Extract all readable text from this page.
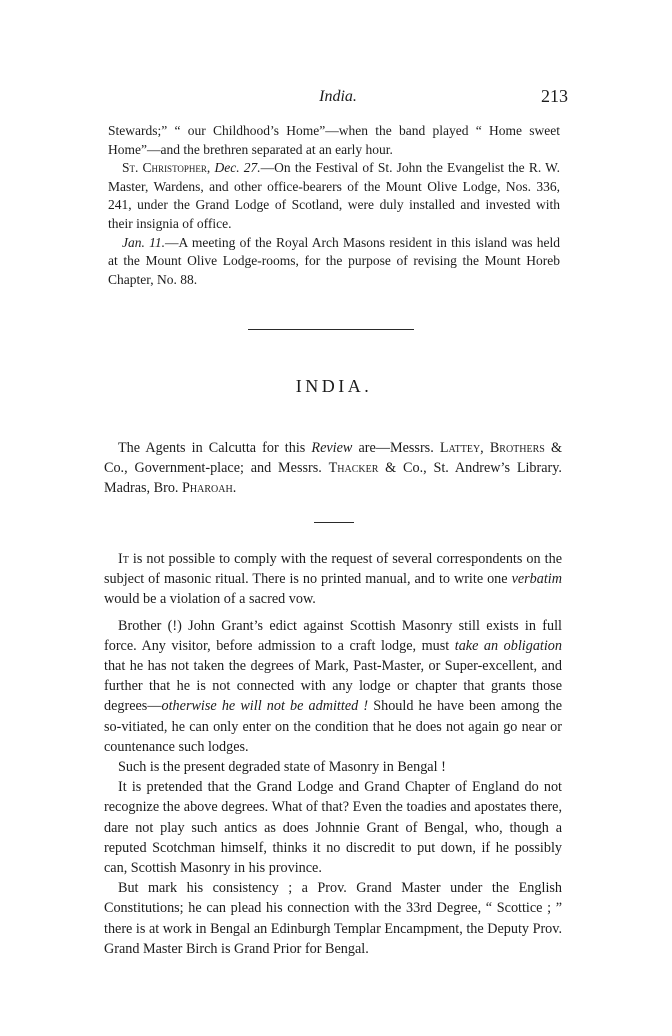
India.	213

Stewards;” “ our Childhood’s Home”—when the band played “ Home sweet Home”—and the brethren separated at an early hour.

St. Christopher, Dec. 27.—On the Festival of St. John the Evangelist the R. W. Master, Wardens, and other office-bearers of the Mount Olive Lodge, Nos. 336, 241, under the Grand Lodge of Scotland, were duly installed and invested with their insignia of office.

Jan. 11.—A meeting of the Royal Arch Masons resident in this island was held at the Mount Olive Lodge-rooms, for the purpose of revising the Mount Horeb Chapter, No. 88.

INDIA.

The Agents in Calcutta for this Review are—Messrs. Lattey, Brothers & Co., Government-place; and Messrs. Thacker & Co., St. Andrew’s Library. Madras, Bro. Pharoah.

It is not possible to comply with the request of several correspondents on the subject of masonic ritual. There is no printed manual, and to write one verbatim would be a violation of a sacred vow.

Brother (!) John Grant’s edict against Scottish Masonry still exists in full force. Any visitor, before admission to a craft lodge, must take an obligation that he has not taken the degrees of Mark, Past-Master, or Super-excellent, and further that he is not connected with any lodge or chapter that grants those degrees—otherwise he will not be admitted ! Should he have been among the so-vitiated, he can only enter on the condition that he does not again go near or countenance such lodges.

Such is the present degraded state of Masonry in Bengal !

It is pretended that the Grand Lodge and Grand Chapter of England do not recognize the above degrees. What of that? Even the toadies and apostates there, dare not play such antics as does Johnnie Grant of Bengal, who, though a reputed Scotchman himself, thinks it no discredit to put down, if he possibly can, Scottish Masonry in his province.

But mark his consistency ; a Prov. Grand Master under the English Constitutions; he can plead his connection with the 33rd Degree, “ Scottice ; ” there is at work in Bengal an Edinburgh Templar Encampment, the Deputy Prov. Grand Master Birch is Grand Prior for Bengal.
